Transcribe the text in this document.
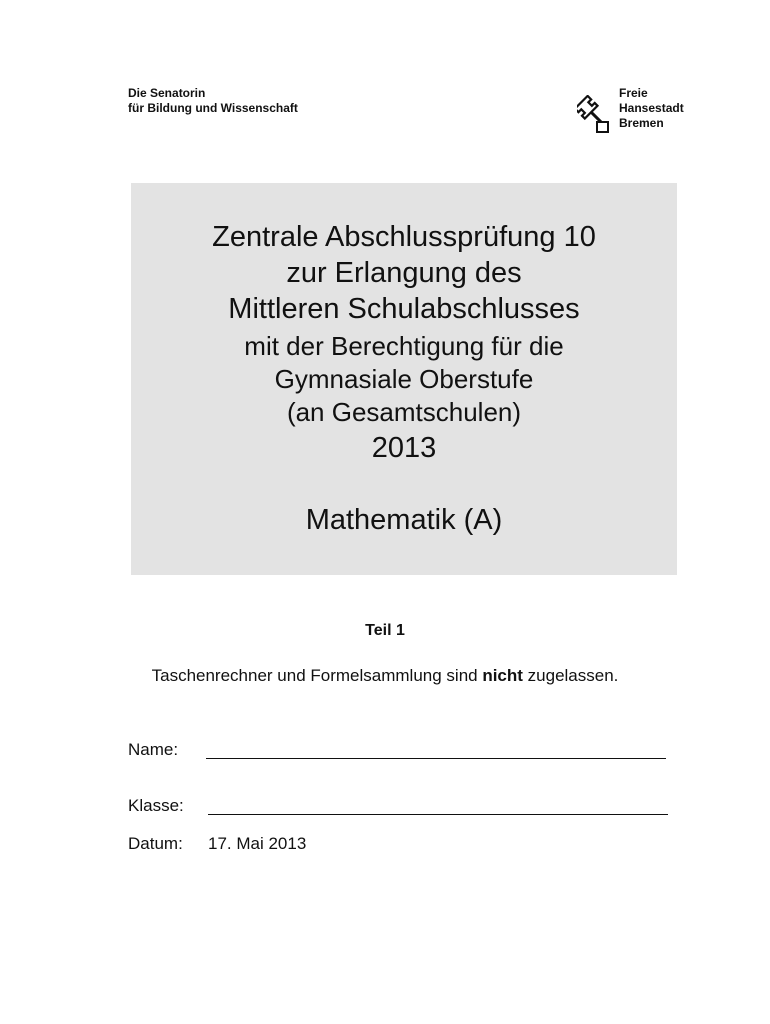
Die Senatorin
für Bildung und Wissenschaft
Freie
Hansestadt
Bremen
Zentrale Abschlussprüfung 10
zur Erlangung des
Mittleren Schulabschlusses
mit der Berechtigung für die
Gymnasiale Oberstufe
(an Gesamtschulen)
2013
Mathematik (A)
Teil 1
Taschenrechner und Formelsammlung sind nicht zugelassen.
Name:
Klasse:
Datum: 17. Mai 2013
